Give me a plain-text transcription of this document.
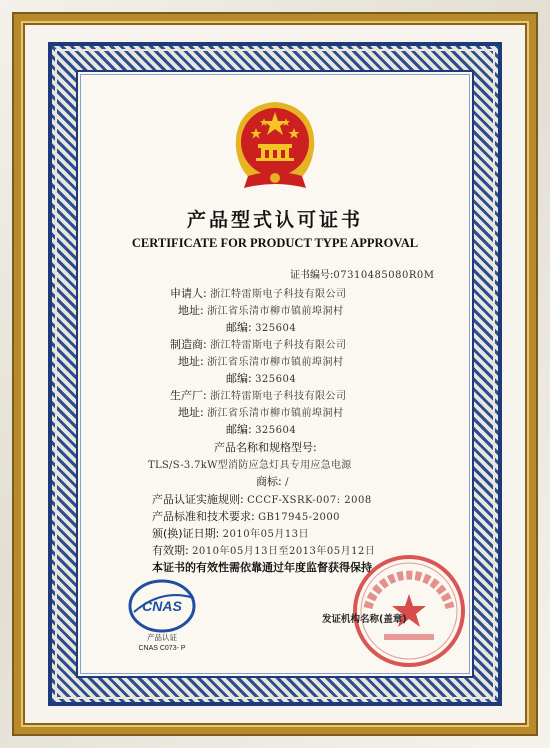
产品型式认可证书
CERTIFICATE FOR PRODUCT TYPE APPROVAL
证书编号:07310485080R0M
申请人: 浙江特雷斯电子科技有限公司
地址: 浙江省乐清市柳市镇前埠洞村
邮编: 325604
制造商: 浙江特雷斯电子科技有限公司
地址: 浙江省乐清市柳市镇前埠洞村
邮编: 325604
生产厂: 浙江特雷斯电子科技有限公司
地址: 浙江省乐清市柳市镇前埠洞村
邮编: 325604
产品名称和规格型号:
TLS/S-3.7kW型消防应急灯具专用应急电源
商标: /
产品认证实施规则: CCCF-XSRK-007: 2008
产品标准和技术要求: GB17945-2000
颁(换)证日期: 2010年05月13日
有效期: 2010年05月13日至2013年05月12日
本证书的有效性需依靠通过年度监督获得保持
CNAS
产品认证
CNAS C073- P
发证机构名称(盖章)
